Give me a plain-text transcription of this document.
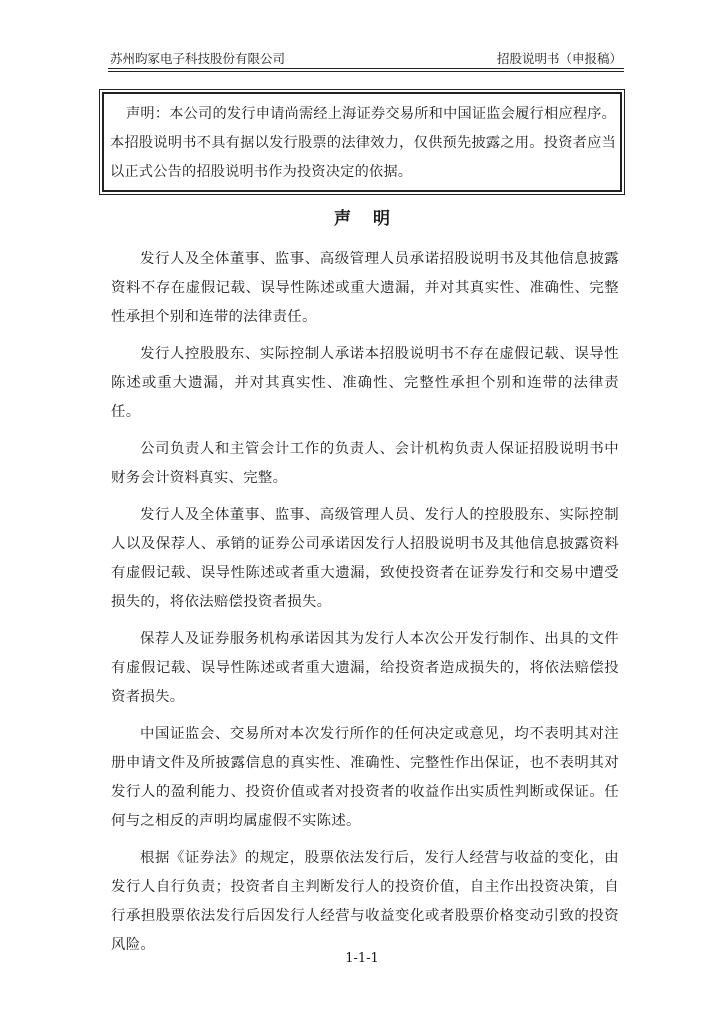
苏州昀冢电子科技股份有限公司	招股说明书（申报稿）
声明：本公司的发行申请尚需经上海证券交易所和中国证监会履行相应程序。本招股说明书不具有据以发行股票的法律效力，仅供预先披露之用。投资者应当以正式公告的招股说明书作为投资决定的依据。
声明

发行人及全体董事、监事、高级管理人员承诺招股说明书及其他信息披露资料不存在虚假记载、误导性陈述或重大遗漏，并对其真实性、准确性、完整性承担个别和连带的法律责任。

发行人控股股东、实际控制人承诺本招股说明书不存在虚假记载、误导性陈述或重大遗漏，并对其真实性、准确性、完整性承担个别和连带的法律责任。

公司负责人和主管会计工作的负责人、会计机构负责人保证招股说明书中财务会计资料真实、完整。

发行人及全体董事、监事、高级管理人员、发行人的控股股东、实际控制人以及保荐人、承销的证券公司承诺因发行人招股说明书及其他信息披露资料有虚假记载、误导性陈述或者重大遗漏，致使投资者在证券发行和交易中遭受损失的，将依法赔偿投资者损失。

保荐人及证券服务机构承诺因其为发行人本次公开发行制作、出具的文件有虚假记载、误导性陈述或者重大遗漏，给投资者造成损失的，将依法赔偿投资者损失。

中国证监会、交易所对本次发行所作的任何决定或意见，均不表明其对注册申请文件及所披露信息的真实性、准确性、完整性作出保证，也不表明其对发行人的盈利能力、投资价值或者对投资者的收益作出实质性判断或保证。任何与之相反的声明均属虚假不实陈述。

根据《证券法》的规定，股票依法发行后，发行人经营与收益的变化，由发行人自行负责；投资者自主判断发行人的投资价值，自主作出投资决策，自行承担股票依法发行后因发行人经营与收益变化或者股票价格变动引致的投资风险。

1-1-1
